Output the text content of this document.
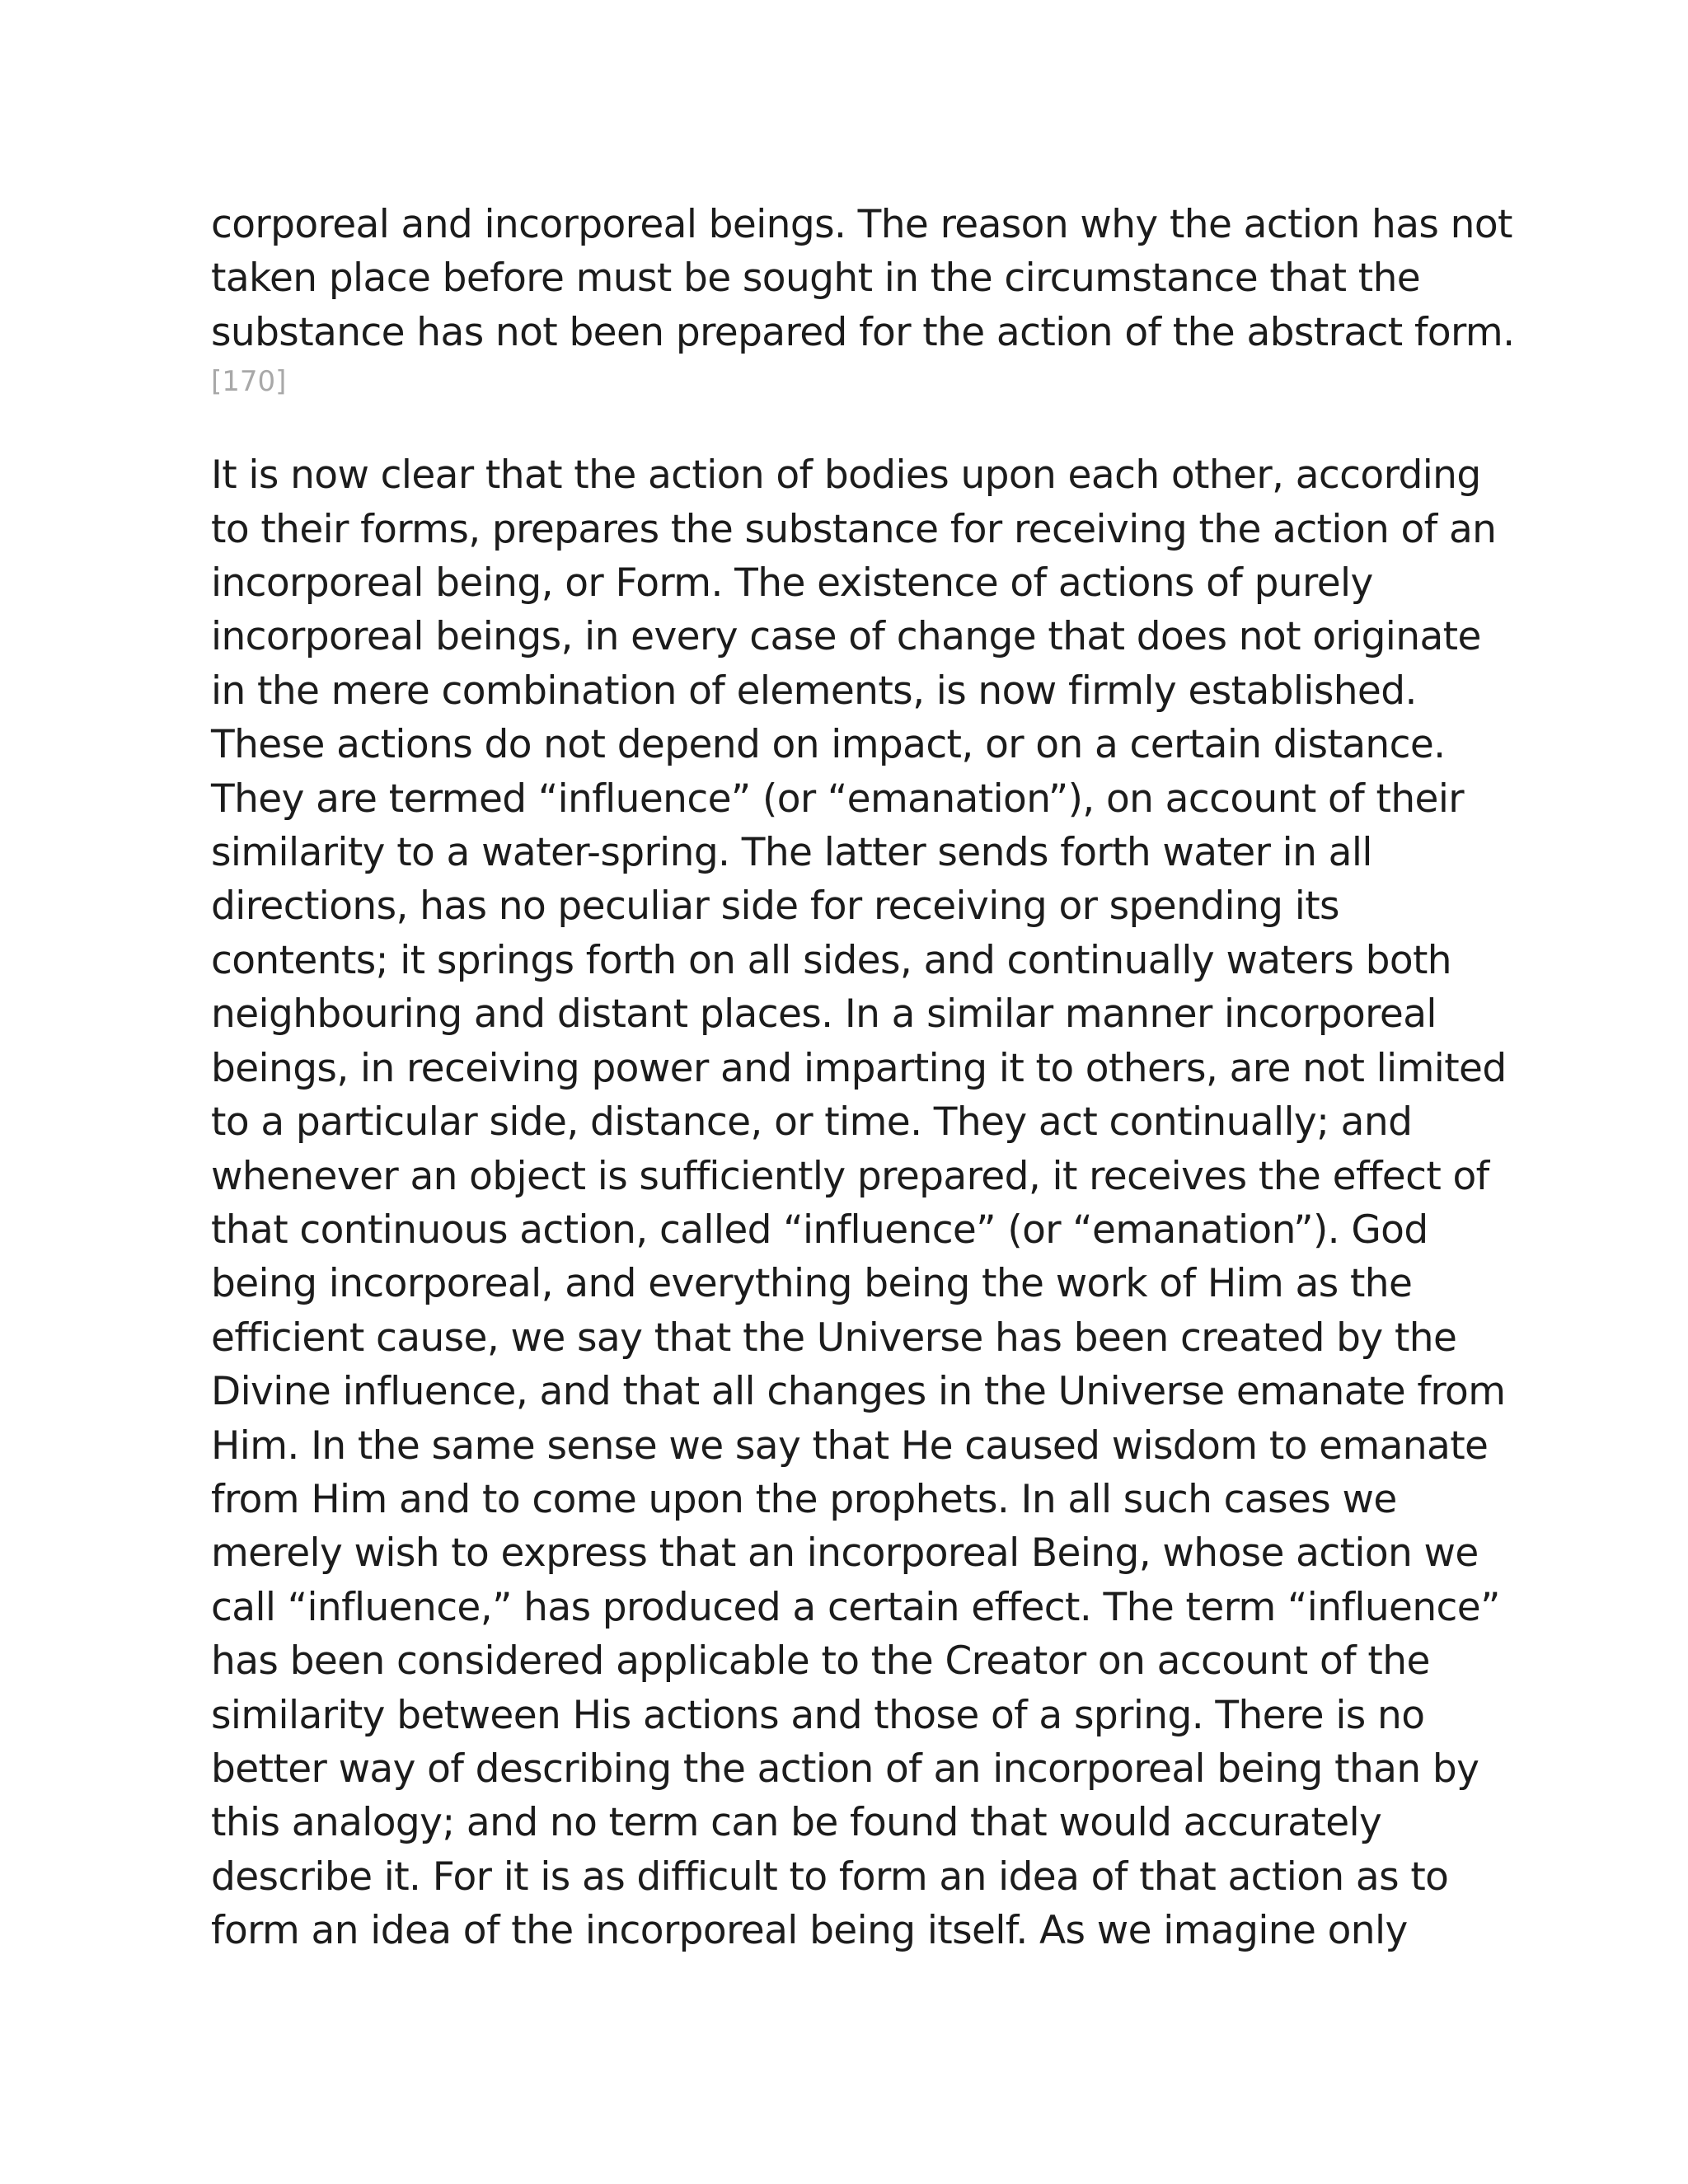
corporeal and incorporeal beings. The reason why the action has not
taken place before must be sought in the circumstance that the
substance has not been prepared for the action of the abstract form.

[170]

It is now clear that the action of bodies upon each other, according
to their forms, prepares the substance for receiving the action of an
incorporeal being, or Form. The existence of actions of purely
incorporeal beings, in every case of change that does not originate
in the mere combination of elements, is now firmly established.
These actions do not depend on impact, or on a certain distance.
They are termed “influence” (or “emanation”), on account of their
similarity to a water-spring. The latter sends forth water in all
directions, has no peculiar side for receiving or spending its
contents; it springs forth on all sides, and continually waters both
neighbouring and distant places. In a similar manner incorporeal
beings, in receiving power and imparting it to others, are not limited
to a particular side, distance, or time. They act continually; and
whenever an object is sufficiently prepared, it receives the effect of
that continuous action, called “influence” (or “emanation”). God
being incorporeal, and everything being the work of Him as the
efficient cause, we say that the Universe has been created by the
Divine influence, and that all changes in the Universe emanate from
Him. In the same sense we say that He caused wisdom to emanate
from Him and to come upon the prophets. In all such cases we
merely wish to express that an incorporeal Being, whose action we
call “influence,” has produced a certain effect. The term “influence”
has been considered applicable to the Creator on account of the
similarity between His actions and those of a spring. There is no
better way of describing the action of an incorporeal being than by
this analogy; and no term can be found that would accurately
describe it. For it is as difficult to form an idea of that action as to
form an idea of the incorporeal being itself. As we imagine only
